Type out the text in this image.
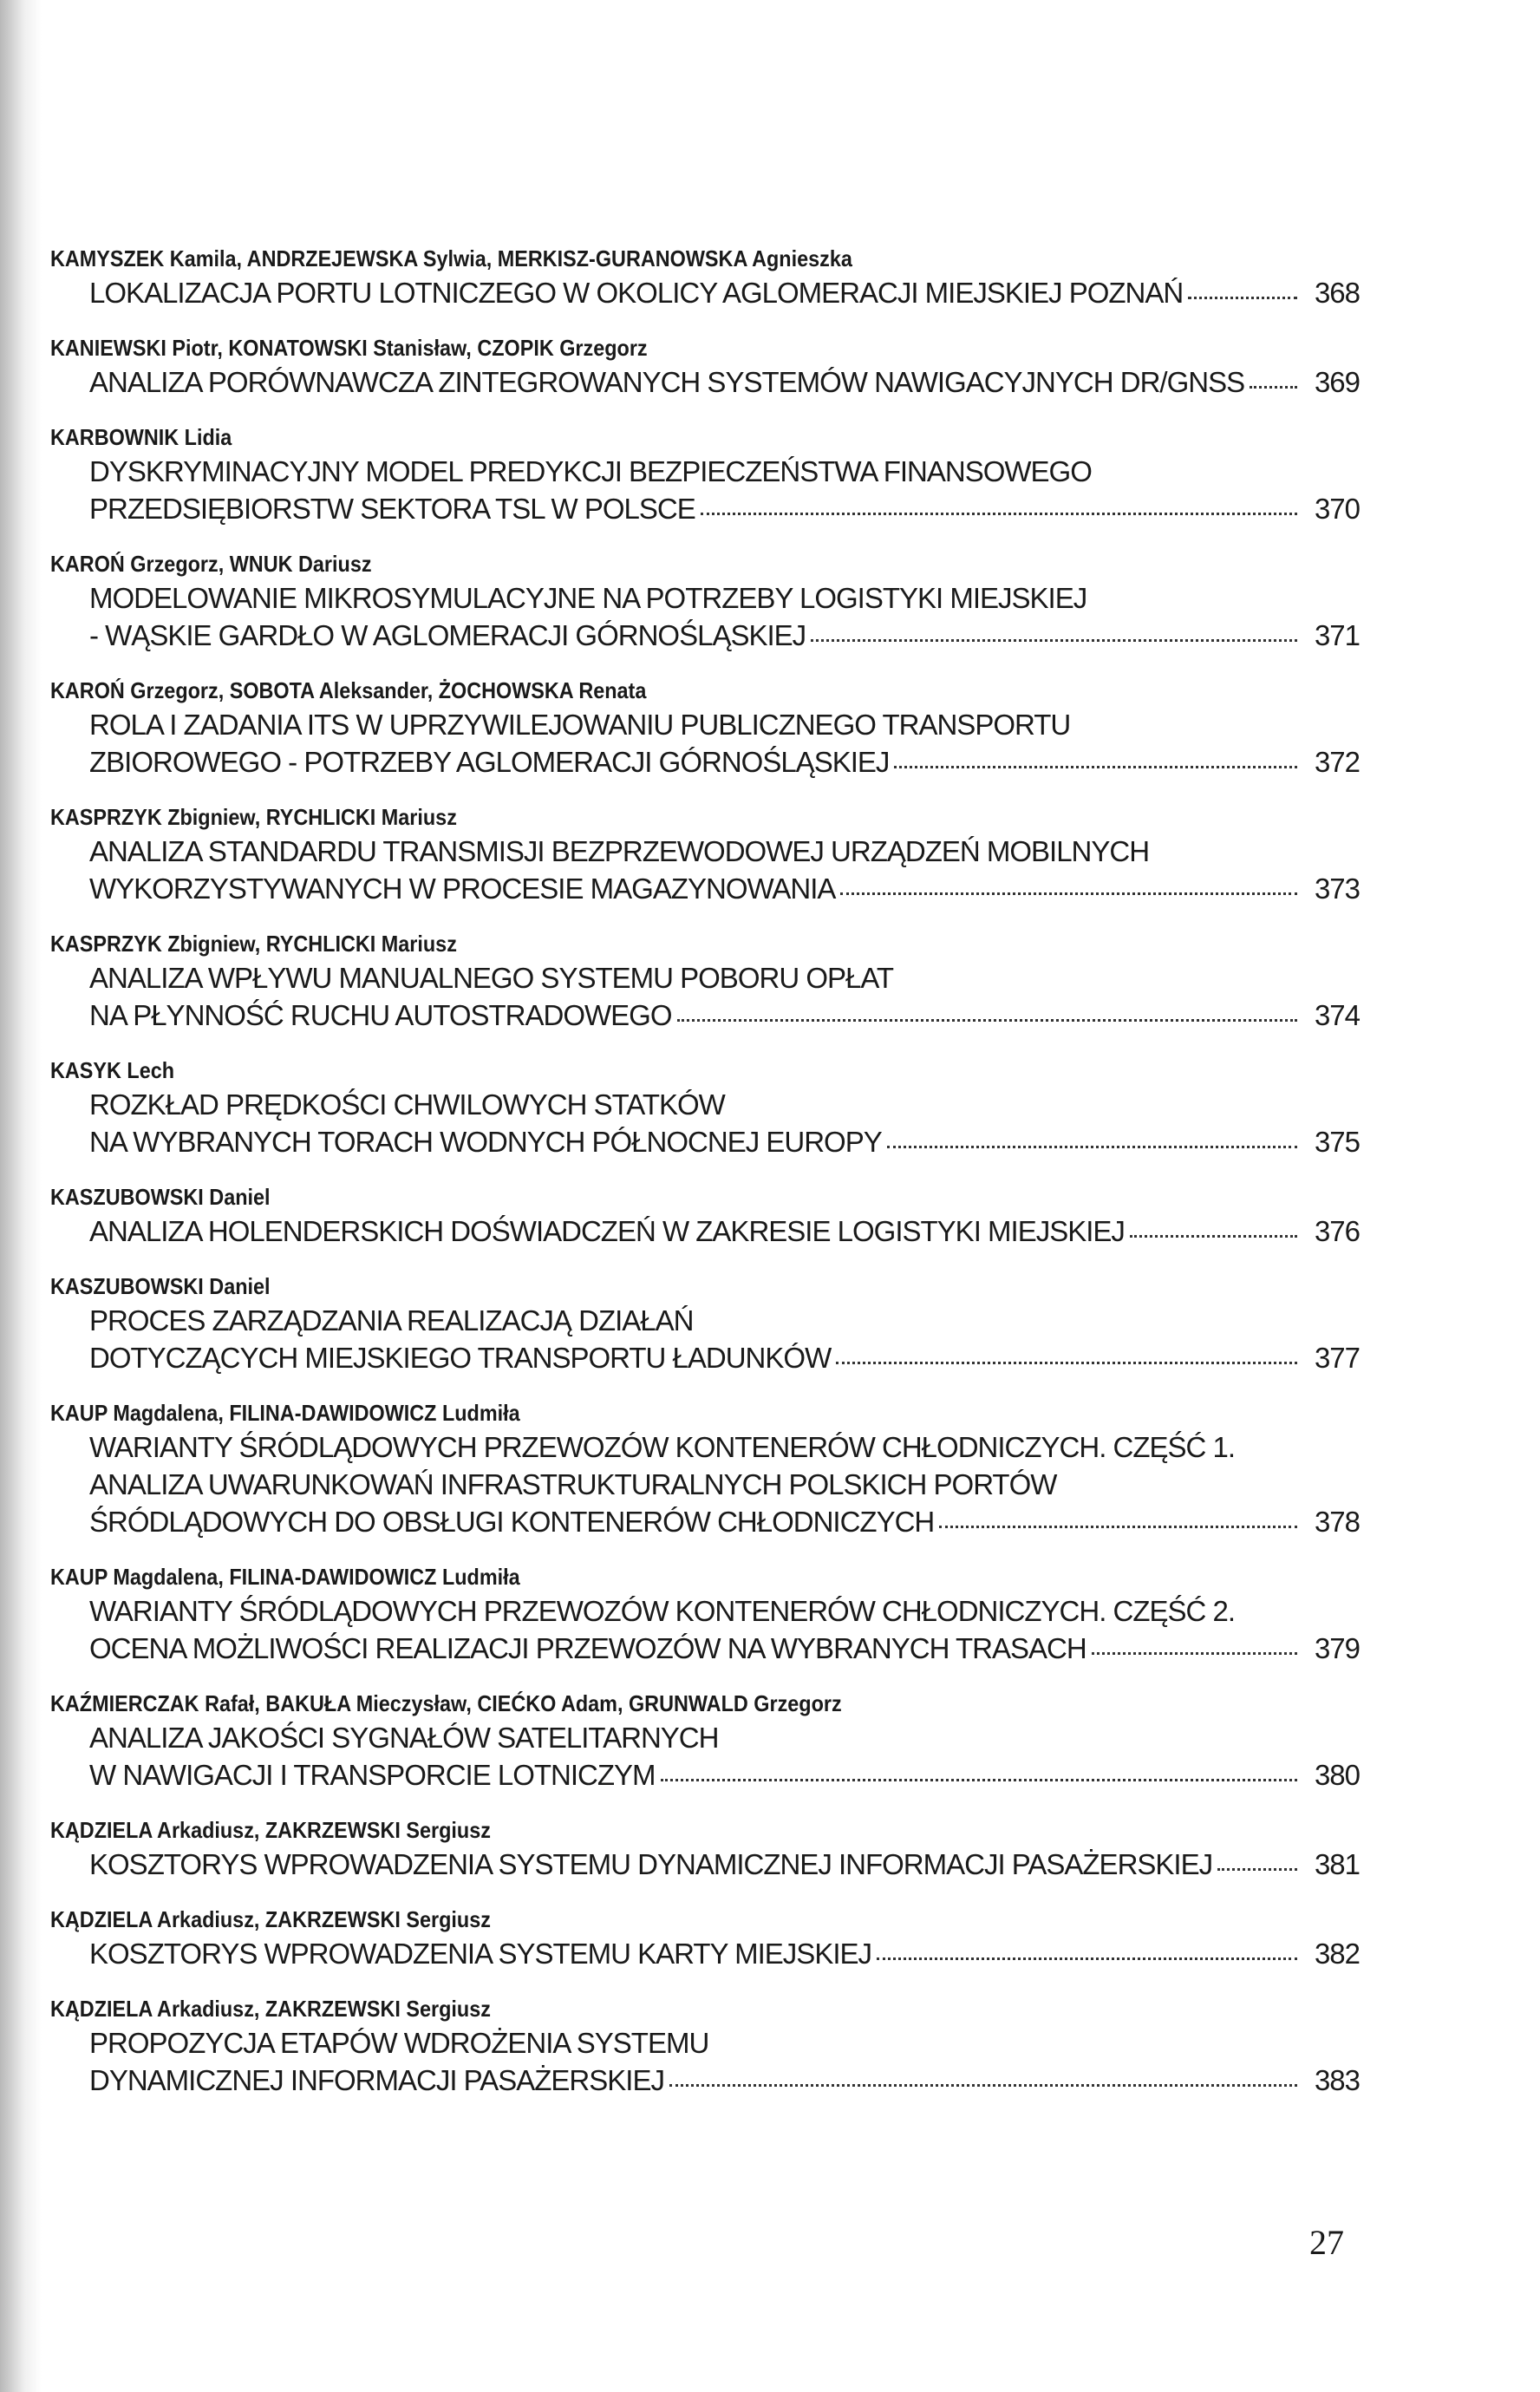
KAMYSZEK Kamila, ANDRZEJEWSKA Sylwia, MERKISZ-GURANOWSKA Agnieszka
LOKALIZACJA PORTU LOTNICZEGO W OKOLICY AGLOMERACJI MIEJSKIEJ POZNAŃ	368
KANIEWSKI Piotr, KONATOWSKI Stanisław, CZOPIK Grzegorz
ANALIZA PORÓWNAWCZA ZINTEGROWANYCH SYSTEMÓW NAWIGACYJNYCH DR/GNSS	369
KARBOWNIK Lidia
DYSKRYMINACYJNY MODEL PREDYKCJI BEZPIECZEŃSTWA FINANSOWEGO
PRZEDSIĘBIORSTW SEKTORA TSL W POLSCE	370
KAROŃ Grzegorz, WNUK Dariusz
MODELOWANIE MIKROSYMULACYJNE NA POTRZEBY LOGISTYKI MIEJSKIEJ
- WĄSKIE GARDŁO W AGLOMERACJI GÓRNOŚLĄSKIEJ	371
KAROŃ Grzegorz, SOBOTA Aleksander, ŻOCHOWSKA Renata
ROLA I ZADANIA ITS W UPRZYWILEJOWANIU PUBLICZNEGO TRANSPORTU
ZBIOROWEGO - POTRZEBY AGLOMERACJI GÓRNOŚLĄSKIEJ	372
KASPRZYK Zbigniew, RYCHLICKI Mariusz
ANALIZA STANDARDU TRANSMISJI BEZPRZEWODOWEJ URZĄDZEŃ MOBILNYCH
WYKORZYSTYWANYCH W PROCESIE MAGAZYNOWANIA	373
KASPRZYK Zbigniew, RYCHLICKI Mariusz
ANALIZA WPŁYWU MANUALNEGO SYSTEMU POBORU OPŁAT
NA PŁYNNOŚĆ RUCHU AUTOSTRADOWEGO	374
KASYK Lech
ROZKŁAD PRĘDKOŚCI CHWILOWYCH STATKÓW
NA WYBRANYCH TORACH WODNYCH PÓŁNOCNEJ EUROPY	375
KASZUBOWSKI Daniel
ANALIZA HOLENDERSKICH DOŚWIADCZEŃ W ZAKRESIE LOGISTYKI MIEJSKIEJ	376
KASZUBOWSKI Daniel
PROCES ZARZĄDZANIA REALIZACJĄ DZIAŁAŃ
DOTYCZĄCYCH MIEJSKIEGO TRANSPORTU ŁADUNKÓW	377
KAUP Magdalena, FILINA-DAWIDOWICZ Ludmiła
WARIANTY ŚRÓDLĄDOWYCH PRZEWOZÓW KONTENERÓW CHŁODNICZYCH. CZĘŚĆ 1.
ANALIZA UWARUNKOWAŃ INFRASTRUKTURALNYCH POLSKICH PORTÓW
ŚRÓDLĄDOWYCH DO OBSŁUGI KONTENERÓW CHŁODNICZYCH	378
KAUP Magdalena, FILINA-DAWIDOWICZ Ludmiła
WARIANTY ŚRÓDLĄDOWYCH PRZEWOZÓW KONTENERÓW CHŁODNICZYCH. CZĘŚĆ 2.
OCENA MOŻLIWOŚCI REALIZACJI PRZEWOZÓW NA WYBRANYCH TRASACH	379
KAŹMIERCZAK Rafał, BAKUŁA Mieczysław, CIEĆKO Adam, GRUNWALD Grzegorz
ANALIZA JAKOŚCI SYGNAŁÓW SATELITARNYCH
W NAWIGACJI I TRANSPORCIE LOTNICZYM	380
KĄDZIELA Arkadiusz, ZAKRZEWSKI Sergiusz
KOSZTORYS WPROWADZENIA SYSTEMU DYNAMICZNEJ INFORMACJI PASAŻERSKIEJ	381
KĄDZIELA Arkadiusz, ZAKRZEWSKI Sergiusz
KOSZTORYS WPROWADZENIA SYSTEMU KARTY MIEJSKIEJ	382
KĄDZIELA Arkadiusz, ZAKRZEWSKI Sergiusz
PROPOZYCJA ETAPÓW WDROŻENIA SYSTEMU
DYNAMICZNEJ INFORMACJI PASAŻERSKIEJ	383
27
